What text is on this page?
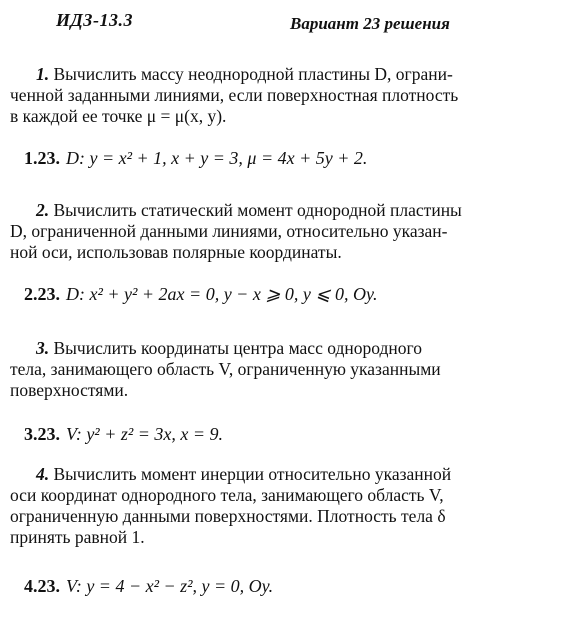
ИДЗ-13.3	Вариант 23 решения
1. Вычислить массу неоднородной пластины D, ограни-
ченной заданными линиями, если поверхностная плотность
в каждой ее точке μ = μ(x, y).
1.23. D: y = x² + 1, x + y = 3, μ = 4x + 5y + 2.
2. Вычислить статический момент однородной пластины
D, ограниченной данными линиями, относительно указан-
ной оси, использовав полярные координаты.
2.23. D: x² + y² + 2ax = 0, y − x ⩾ 0, y ⩽ 0, Oy.
3. Вычислить координаты центра масс однородного
тела, занимающего область V, ограниченную указанными
поверхностями.
3.23. V: y² + z² = 3x, x = 9.
4. Вычислить момент инерции относительно указанной
оси координат однородного тела, занимающего область V,
ограниченную данными поверхностями. Плотность тела δ
принять равной 1.
4.23. V: y = 4 − x² − z², y = 0, Oy.
